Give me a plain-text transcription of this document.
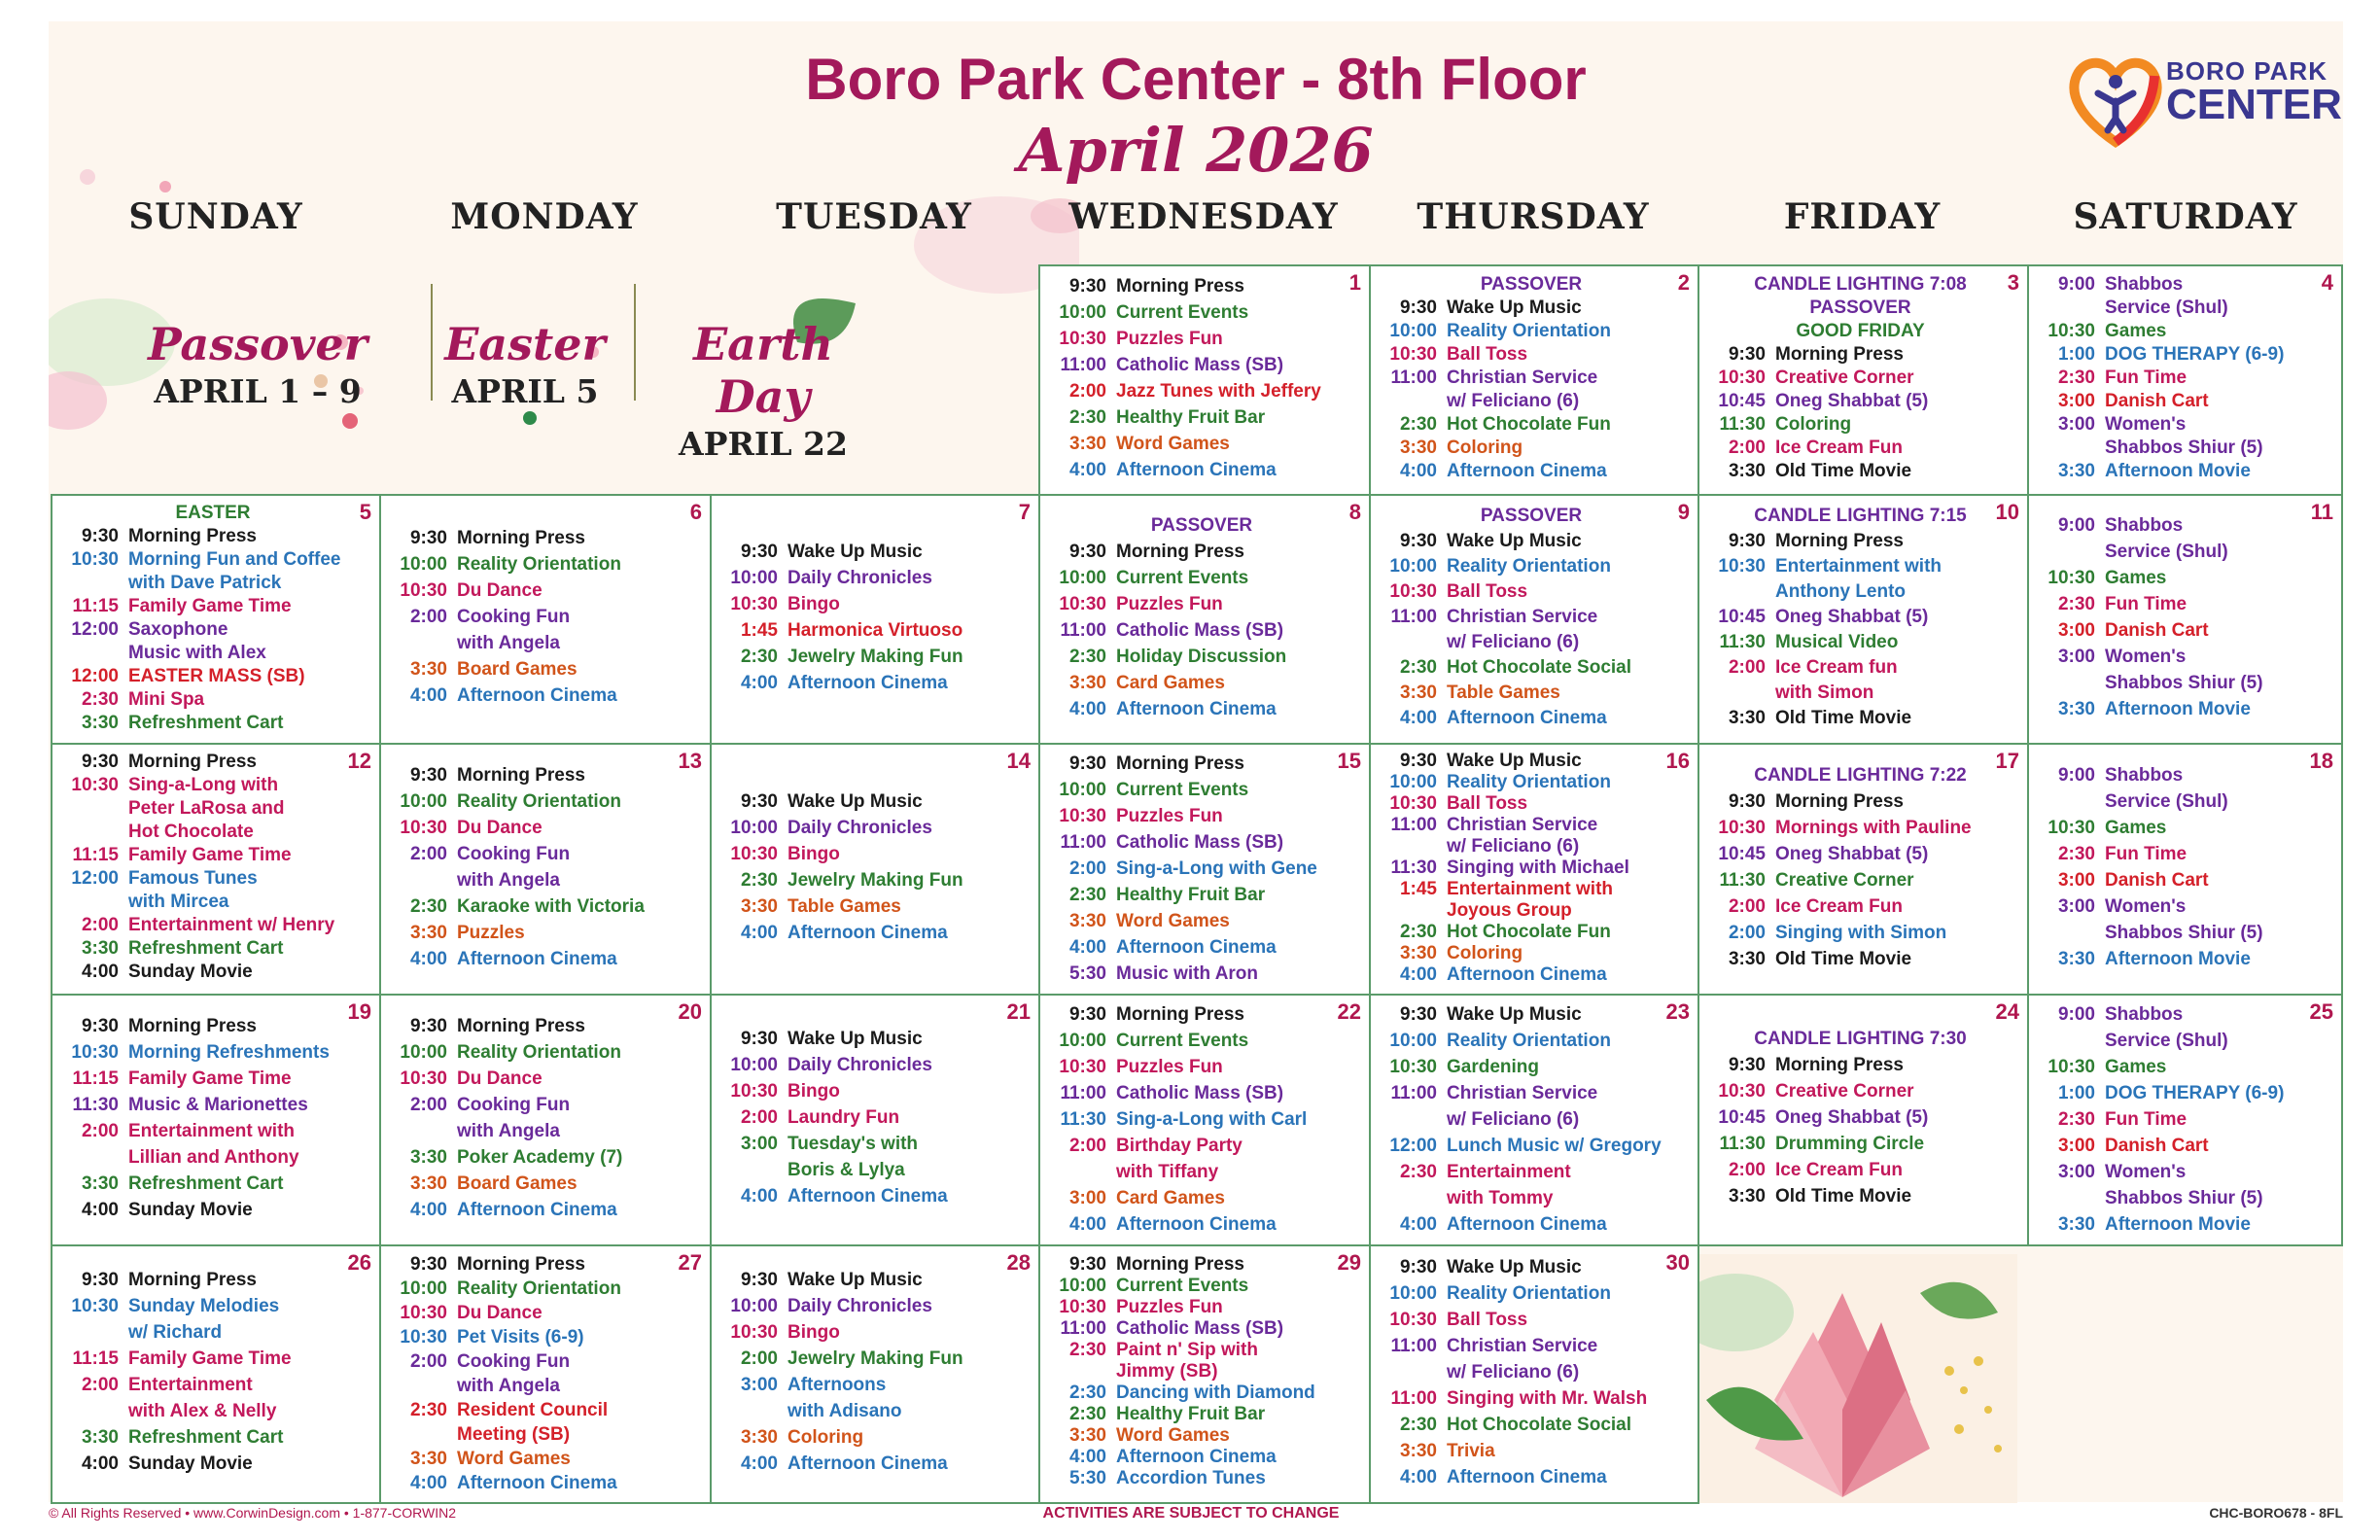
Boro Park Center - 8th Floor
April 2026
BORO PARK
CENTER
SUNDAY	MONDAY	TUESDAY	WEDNESDAY	THURSDAY	FRIDAY	SATURDAY
Passover
APRIL 1 – 9
Easter
APRIL 5
Earth Day
APRIL 22
1
9:30 Morning Press
10:00 Current Events
10:30 Puzzles Fun
11:00 Catholic Mass (SB)
2:00 Jazz Tunes with Jeffery
2:30 Healthy Fruit Bar
3:30 Word Games
4:00 Afternoon Cinema
2
PASSOVER
9:30 Wake Up Music
10:00 Reality Orientation
10:30 Ball Toss
11:00 Christian Service
w/ Feliciano (6)
2:30 Hot Chocolate Fun
3:30 Coloring
4:00 Afternoon Cinema
3
CANDLE LIGHTING 7:08
PASSOVER
GOOD FRIDAY
9:30 Morning Press
10:30 Creative Corner
10:45 Oneg Shabbat (5)
11:30 Coloring
2:00 Ice Cream Fun
3:30 Old Time Movie
4
9:00 Shabbos
Service (Shul)
10:30 Games
1:00 DOG THERAPY (6-9)
2:30 Fun Time
3:00 Danish Cart
3:00 Women's
Shabbos Shiur (5)
3:30 Afternoon Movie
5
EASTER
9:30 Morning Press
10:30 Morning Fun and Coffee
with Dave Patrick
11:15 Family Game Time
12:00 Saxophone
Music with Alex
12:00 EASTER MASS (SB)
2:30 Mini Spa
3:30 Refreshment Cart
6
9:30 Morning Press
10:00 Reality Orientation
10:30 Du Dance
2:00 Cooking Fun
with Angela
3:30 Board Games
4:00 Afternoon Cinema
7
9:30 Wake Up Music
10:00 Daily Chronicles
10:30 Bingo
1:45 Harmonica Virtuoso
2:30 Jewelry Making Fun
4:00 Afternoon Cinema
8
PASSOVER
9:30 Morning Press
10:00 Current Events
10:30 Puzzles Fun
11:00 Catholic Mass (SB)
2:30 Holiday Discussion
3:30 Card Games
4:00 Afternoon Cinema
9
PASSOVER
9:30 Wake Up Music
10:00 Reality Orientation
10:30 Ball Toss
11:00 Christian Service
w/ Feliciano (6)
2:30 Hot Chocolate Social
3:30 Table Games
4:00 Afternoon Cinema
10
CANDLE LIGHTING 7:15
9:30 Morning Press
10:30 Entertainment with
Anthony Lento
10:45 Oneg Shabbat (5)
11:30 Musical Video
2:00 Ice Cream fun
with Simon
3:30 Old Time Movie
11
9:00 Shabbos
Service (Shul)
10:30 Games
2:30 Fun Time
3:00 Danish Cart
3:00 Women's
Shabbos Shiur (5)
3:30 Afternoon Movie
12
9:30 Morning Press
10:30 Sing-a-Long with
Peter LaRosa and
Hot Chocolate
11:15 Family Game Time
12:00 Famous Tunes
with Mircea
2:00 Entertainment w/ Henry
3:30 Refreshment Cart
4:00 Sunday Movie
13
9:30 Morning Press
10:00 Reality Orientation
10:30 Du Dance
2:00 Cooking Fun
with Angela
2:30 Karaoke with Victoria
3:30 Puzzles
4:00 Afternoon Cinema
14
9:30 Wake Up Music
10:00 Daily Chronicles
10:30 Bingo
2:30 Jewelry Making Fun
3:30 Table Games
4:00 Afternoon Cinema
15
9:30 Morning Press
10:00 Current Events
10:30 Puzzles Fun
11:00 Catholic Mass (SB)
2:00 Sing-a-Long with Gene
2:30 Healthy Fruit Bar
3:30 Word Games
4:00 Afternoon Cinema
5:30 Music with Aron
16
9:30 Wake Up Music
10:00 Reality Orientation
10:30 Ball Toss
11:00 Christian Service
w/ Feliciano (6)
11:30 Singing with Michael
1:45 Entertainment with
Joyous Group
2:30 Hot Chocolate Fun
3:30 Coloring
4:00 Afternoon Cinema
17
CANDLE LIGHTING 7:22
9:30 Morning Press
10:30 Mornings with Pauline
10:45 Oneg Shabbat (5)
11:30 Creative Corner
2:00 Ice Cream Fun
2:00 Singing with Simon
3:30 Old Time Movie
18
9:00 Shabbos
Service (Shul)
10:30 Games
2:30 Fun Time
3:00 Danish Cart
3:00 Women's
Shabbos Shiur (5)
3:30 Afternoon Movie
19
9:30 Morning Press
10:30 Morning Refreshments
11:15 Family Game Time
11:30 Music & Marionettes
2:00 Entertainment with
Lillian and Anthony
3:30 Refreshment Cart
4:00 Sunday Movie
20
9:30 Morning Press
10:00 Reality Orientation
10:30 Du Dance
2:00 Cooking Fun
with Angela
3:30 Poker Academy (7)
3:30 Board Games
4:00 Afternoon Cinema
21
9:30 Wake Up Music
10:00 Daily Chronicles
10:30 Bingo
2:00 Laundry Fun
3:00 Tuesday's with
Boris & Lylya
4:00 Afternoon Cinema
22
9:30 Morning Press
10:00 Current Events
10:30 Puzzles Fun
11:00 Catholic Mass (SB)
11:30 Sing-a-Long with Carl
2:00 Birthday Party
with Tiffany
3:00 Card Games
4:00 Afternoon Cinema
23
9:30 Wake Up Music
10:00 Reality Orientation
10:30 Gardening
11:00 Christian Service
w/ Feliciano (6)
12:00 Lunch Music w/ Gregory
2:30 Entertainment
with Tommy
4:00 Afternoon Cinema
24
CANDLE LIGHTING 7:30
9:30 Morning Press
10:30 Creative Corner
10:45 Oneg Shabbat (5)
11:30 Drumming Circle
2:00 Ice Cream Fun
3:30 Old Time Movie
25
9:00 Shabbos
Service (Shul)
10:30 Games
1:00 DOG THERAPY (6-9)
2:30 Fun Time
3:00 Danish Cart
3:00 Women's
Shabbos Shiur (5)
3:30 Afternoon Movie
26
9:30 Morning Press
10:30 Sunday Melodies
w/ Richard
11:15 Family Game Time
2:00 Entertainment
with Alex & Nelly
3:30 Refreshment Cart
4:00 Sunday Movie
27
9:30 Morning Press
10:00 Reality Orientation
10:30 Du Dance
10:30 Pet Visits (6-9)
2:00 Cooking Fun
with Angela
2:30 Resident Council
Meeting (SB)
3:30 Word Games
4:00 Afternoon Cinema
28
9:30 Wake Up Music
10:00 Daily Chronicles
10:30 Bingo
2:00 Jewelry Making Fun
3:00 Afternoons
with Adisano
3:30 Coloring
4:00 Afternoon Cinema
29
9:30 Morning Press
10:00 Current Events
10:30 Puzzles Fun
11:00 Catholic Mass (SB)
2:30 Paint n' Sip with
Jimmy (SB)
2:30 Dancing with Diamond
2:30 Healthy Fruit Bar
3:30 Word Games
4:00 Afternoon Cinema
5:30 Accordion Tunes
30
9:30 Wake Up Music
10:00 Reality Orientation
10:30 Ball Toss
11:00 Christian Service
w/ Feliciano (6)
11:00 Singing with Mr. Walsh
2:30 Hot Chocolate Social
3:30 Trivia
4:00 Afternoon Cinema
© All Rights Reserved • www.CorwinDesign.com • 1-877-CORWIN2	ACTIVITIES ARE SUBJECT TO CHANGE	CHC-BORO678 - 8FL
